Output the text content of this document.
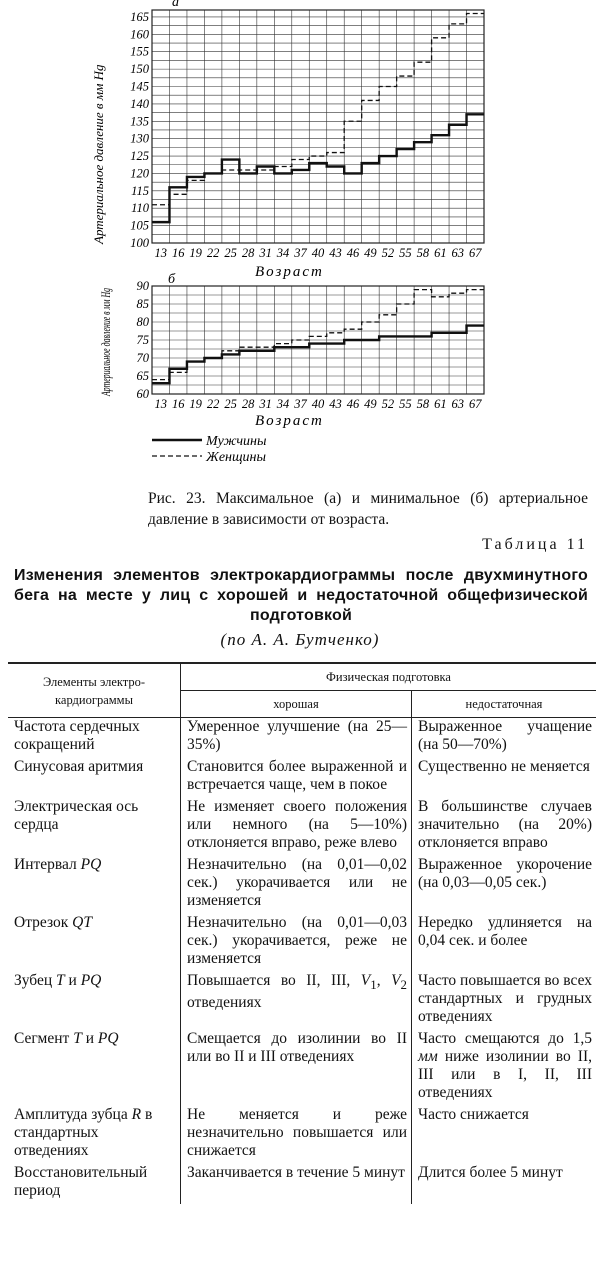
100
105
110
115
120
125
130
135
140
145
150
155
160
165
13 16 19 22 25 28 31 34 37 40 43 46 49 52 55 58 61 63 67
60
65
70
75
80
85
90
13 16 19 22 25 28 31 34 37 40 43 46 49 52 55 58 61 63 67
а
б	Возраст
Возраст
Артериальное давление в мм Hg
Артериальное давление в мм Hg
Мужчины
Женщины
Рис. 23. Максимальное (а) и минимальное (б) артериальное давление в зависимости от возраста.
Таблица 11
Изменения элементов электрокардиограммы после двухминутного бега на месте у лиц с хорошей и недостаточной общефизической подготовкой
(по А. А. Бутченко)
Элементы электро-кардиограммы	Физическая подготовка	
	хорошая	недостаточная
Частота сердечных сокращений	Умеренное улучшение (на 25—35%)	Выраженное учащение (на 50—70%)
Синусовая аритмия	Становится более выраженной и встречается чаще, чем в покое	Существенно не меняется
Электрическая ось сердца	Не изменяет своего положения или немного (на 5—10%) отклоняется вправо, реже влево	В большинстве случаев значительно (на 20%) отклоняется вправо
Интервал PQ	Незначительно (на 0,01—0,02 сек.) укорачивается или не изменяется	Выраженное укорочение (на 0,03—0,05 сек.)
Отрезок QT	Незначительно (на 0,01—0,03 сек.) укорачивается, реже не изменяется	Нередко удлиняется на 0,04 сек. и более
Зубец T и PQ	Повышается во II, III, $V_1$, $V_2$ отведениях	Часто повышается во всех стандартных и грудных отведениях
Сегмент T и PQ	Смещается до изолинии во II или во II и III отведениях	Часто смещаются до 1,5 мм ниже изолинии во II, III или в I, II, III отведениях
Амплитуда зубца R в стандартных отведениях	Не меняется и реже незначительно повышается или снижается	Часто снижается
Восстановительный период	Заканчивается в течение 5 минут	Длится более 5 минут
